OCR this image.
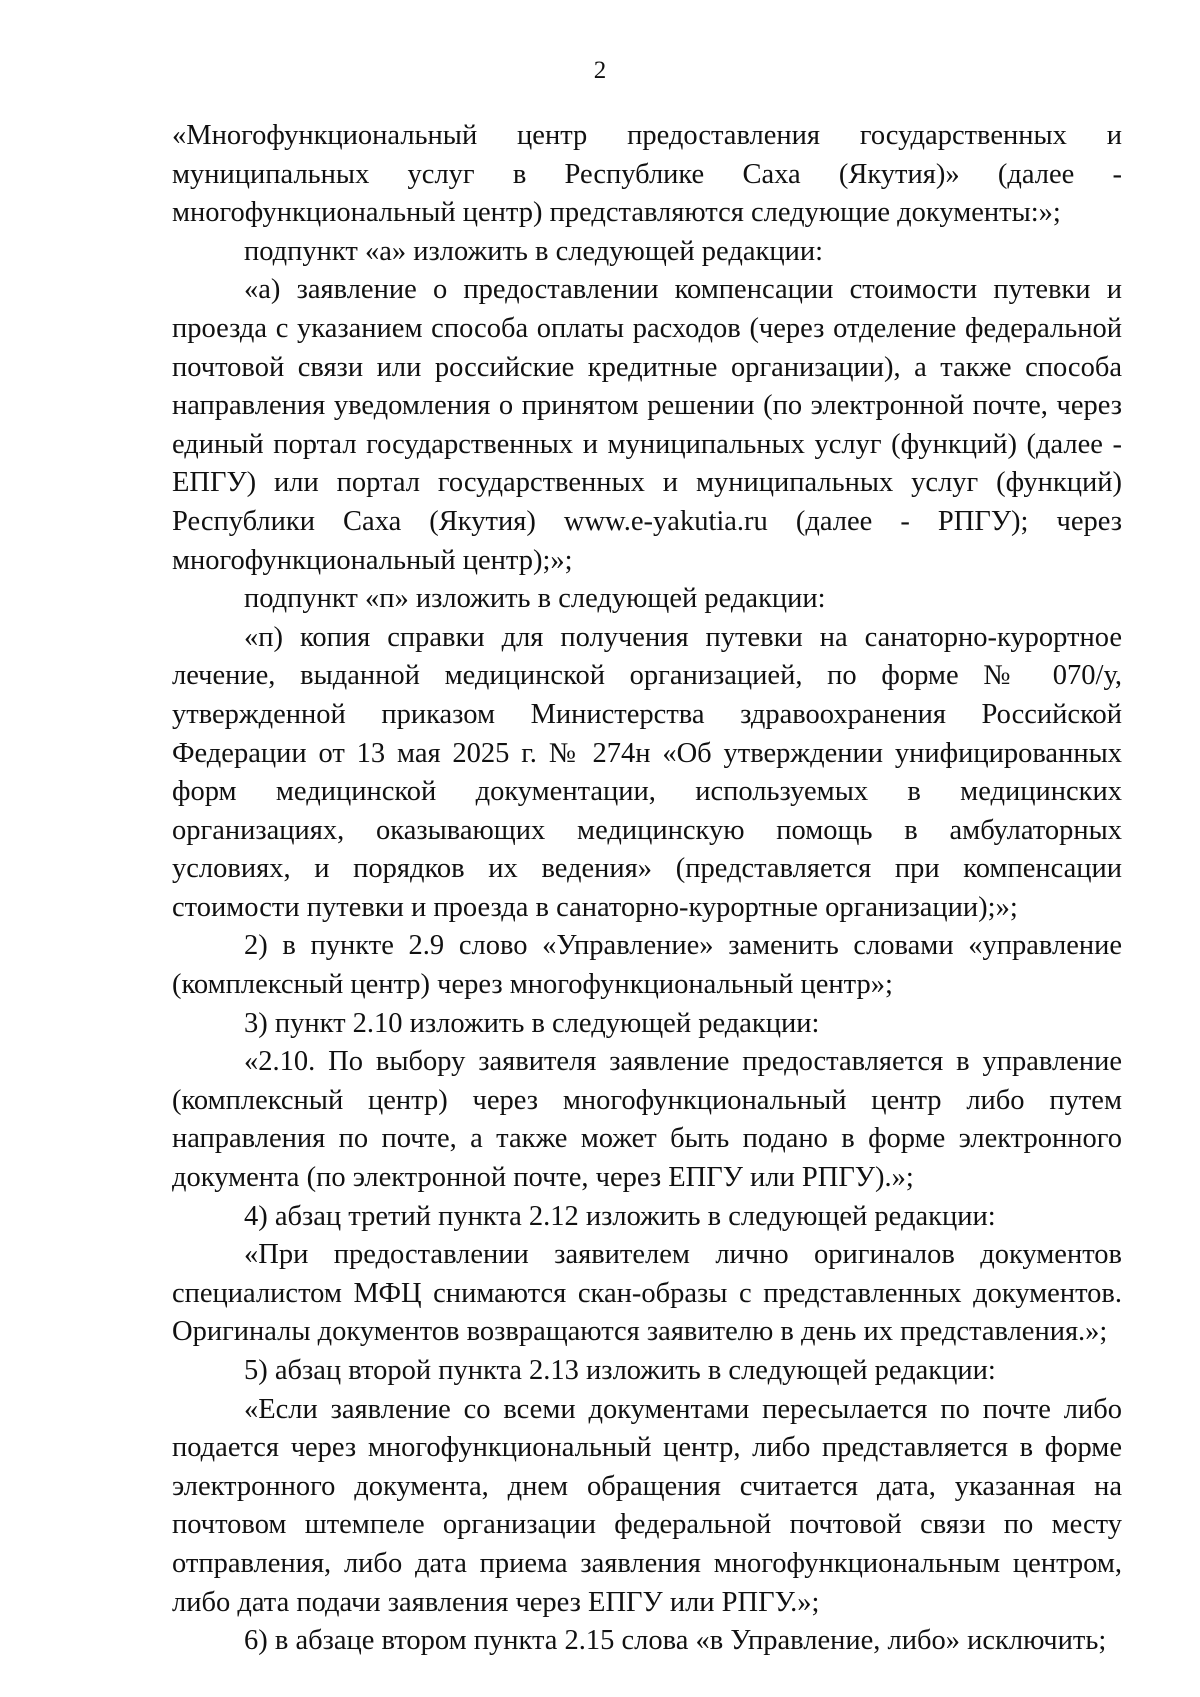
2

«Многофункциональный центр предоставления государственных и муниципальных услуг в Республике Саха (Якутия)» (далее - многофункциональный центр) представляются следующие документы:»;

подпункт «а» изложить в следующей редакции:

«а) заявление о предоставлении компенсации стоимости путевки и проезда с указанием способа оплаты расходов (через отделение федеральной почтовой связи или российские кредитные организации), а также способа направления уведомления о принятом решении (по электронной почте, через единый портал государственных и муниципальных услуг (функций) (далее - ЕПГУ) или портал государственных и муниципальных услуг (функций) Республики Саха (Якутия) www.e-yakutia.ru (далее - РПГУ); через многофункциональный центр);»;

подпункт «п» изложить в следующей редакции:

«п) копия справки для получения путевки на санаторно-курортное лечение, выданной медицинской организацией, по форме № 070/у, утвержденной приказом Министерства здравоохранения Российской Федерации от 13 мая 2025 г. № 274н «Об утверждении унифицированных форм медицинской документации, используемых в медицинских организациях, оказывающих медицинскую помощь в амбулаторных условиях, и порядков их ведения» (представляется при компенсации стоимости путевки и проезда в санаторно-курортные организации);»;

2) в пункте 2.9 слово «Управление» заменить словами «управление (комплексный центр) через многофункциональный центр»;

3) пункт 2.10 изложить в следующей редакции:

«2.10. По выбору заявителя заявление предоставляется в управление (комплексный центр) через многофункциональный центр либо путем направления по почте, а также может быть подано в форме электронного документа (по электронной почте, через ЕПГУ или РПГУ).»;

4) абзац третий пункта 2.12 изложить в следующей редакции:

«При предоставлении заявителем лично оригиналов документов специалистом МФЦ снимаются скан-образы с представленных документов. Оригиналы документов возвращаются заявителю в день их представления.»;

5) абзац второй пункта 2.13 изложить в следующей редакции:

«Если заявление со всеми документами пересылается по почте либо подается через многофункциональный центр, либо представляется в форме электронного документа, днем обращения считается дата, указанная на почтовом штемпеле организации федеральной почтовой связи по месту отправления, либо дата приема заявления многофункциональным центром, либо дата подачи заявления через ЕПГУ или РПГУ.»;

6) в абзаце втором пункта 2.15 слова «в Управление, либо» исключить;
